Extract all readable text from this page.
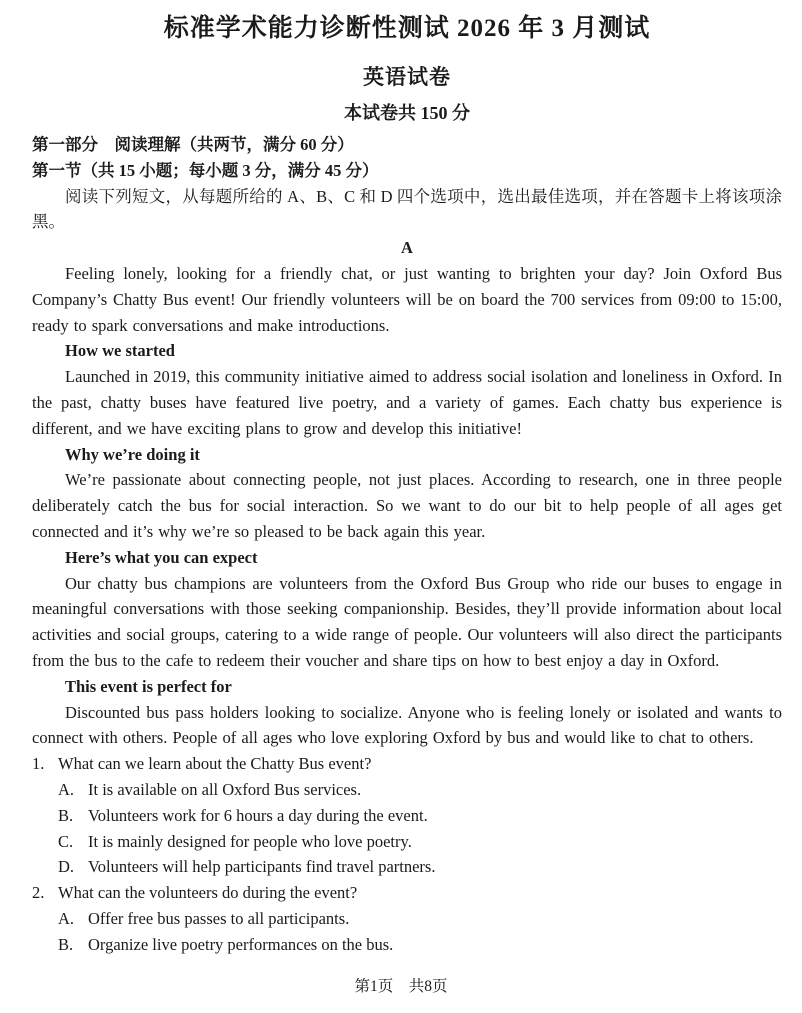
标准学术能力诊断性测试 2026 年 3 月测试
英语试卷
本试卷共 150 分

第一部分　阅读理解（共两节，满分 60 分）

第一节（共 15 小题；每小题 3 分，满分 45 分）

阅读下列短文，从每题所给的 A、B、C 和 D 四个选项中，选出最佳选项，并在答题卡上将该项涂黑。

A

Feeling lonely, looking for a friendly chat, or just wanting to brighten your day? Join Oxford Bus Company’s Chatty Bus event! Our friendly volunteers will be on board the 700 services from 09:00 to 15:00, ready to spark conversations and make introductions.

How we started

Launched in 2019, this community initiative aimed to address social isolation and loneliness in Oxford. In the past, chatty buses have featured live poetry, and a variety of games. Each chatty bus experience is different, and we have exciting plans to grow and develop this initiative!

Why we’re doing it

We’re passionate about connecting people, not just places. According to research, one in three people deliberately catch the bus for social interaction. So we want to do our bit to help people of all ages get connected and it’s why we’re so pleased to be back again this year.

Here’s what you can expect

Our chatty bus champions are volunteers from the Oxford Bus Group who ride our buses to engage in meaningful conversations with those seeking companionship. Besides, they’ll provide information about local activities and social groups, catering to a wide range of people. Our volunteers will also direct the participants from the bus to the cafe to redeem their voucher and share tips on how to best enjoy a day in Oxford.

This event is perfect for

Discounted bus pass holders looking to socialize. Anyone who is feeling lonely or isolated and wants to connect with others. People of all ages who love exploring Oxford by bus and would like to chat to others.

1. What can we learn about the Chatty Bus event?

A. It is available on all Oxford Bus services.

B. Volunteers work for 6 hours a day during the event.

C. It is mainly designed for people who love poetry.

D. Volunteers will help participants find travel partners.

2. What can the volunteers do during the event?

A. Offer free bus passes to all participants.

B. Organize live poetry performances on the bus.

第1页　共8页
